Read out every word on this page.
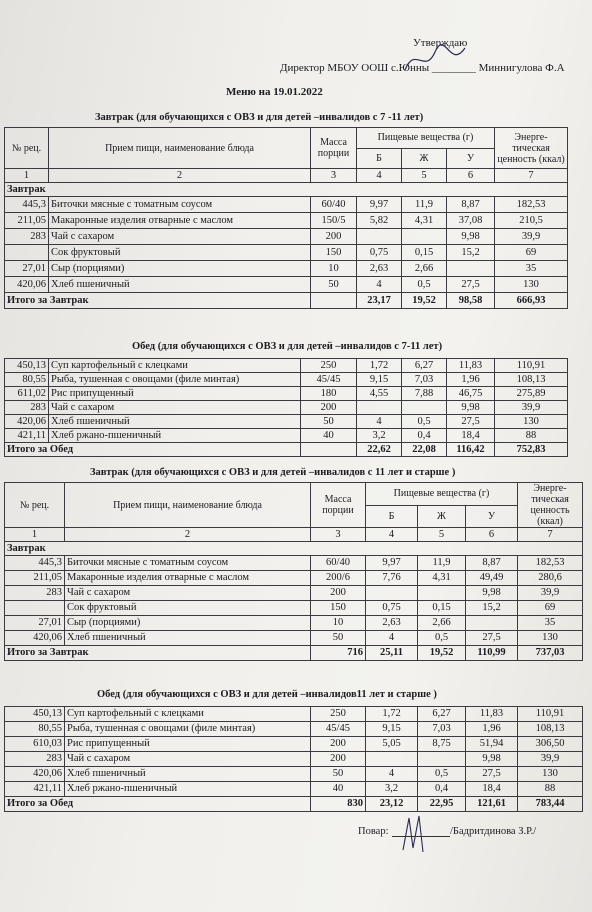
Утверждаю
Директор МБОУ ООШ с.Юнны ________ Миннигулова Ф.А
Меню на 19.01.2022
Завтрак (для обучающихся с ОВЗ и для детей –инвалидов с 7 -11 лет)
№ рец.	Прием пищи, наименование блюда	Масса порции	Пищевые вещества (г)			Энерге-тическая ценность (ккал)
			Б	Ж	У	
1	2	3	4	5	6	7
Завтрак						
445,3	Биточки мясные с томатным соусом	60/40	9,97	11,9	8,87	182,53
211,05	Макаронные изделия отварные с маслом	150/5	5,82	4,31	37,08	210,5
283	Чай с сахаром	200			9,98	39,9
	Сок фруктовый	150	0,75	0,15	15,2	69
27,01	Сыр (порциями)	10	2,63	2,66		35
420,06	Хлеб пшеничный	50	4	0,5	27,5	130
Итого за Завтрак			23,17	19,52	98,58	666,93
Обед (для обучающихся с ОВЗ и для детей –инвалидов с 7-11 лет)
450,13	Суп картофельный с клецками	250	1,72	6,27	11,83	110,91
80,55	Рыба, тушенная с овощами (филе минтая)	45/45	9,15	7,03	1,96	108,13
611,02	Рис припущенный	180	4,55	7,88	46,75	275,89
283	Чай с сахаром	200			9,98	39,9
420,06	Хлеб пшеничный	50	4	0,5	27,5	130
421,11	Хлеб ржано-пшеничный	40	3,2	0,4	18,4	88
Итого за Обед			22,62	22,08	116,42	752,83
Завтрак (для обучающихся с ОВЗ и для детей –инвалидов с 11 лет и старше )
№ рец.	Прием пищи, наименование блюда	Масса порции	Пищевые вещества (г)			Энерге-тическая ценность (ккал)
			Б	Ж	У	
1	2	3	4	5	6	7
Завтрак						
445,3	Биточки мясные с томатным соусом	60/40	9,97	11,9	8,87	182,53
211,05	Макаронные изделия отварные с маслом	200/6	7,76	4,31	49,49	280,6
283	Чай с сахаром	200			9,98	39,9
	Сок фруктовый	150	0,75	0,15	15,2	69
27,01	Сыр (порциями)	10	2,63	2,66		35
420,06	Хлеб пшеничный	50	4	0,5	27,5	130
Итого за Завтрак		716	25,11	19,52	110,99	737,03
Обед (для обучающихся с ОВЗ и для детей –инвалидов11 лет и старше )
450,13	Суп картофельный с клецками	250	1,72	6,27	11,83	110,91
80,55	Рыба, тушенная с овощами (филе минтая)	45/45	9,15	7,03	1,96	108,13
610,03	Рис припущенный	200	5,05	8,75	51,94	306,50
283	Чай с сахаром	200			9,98	39,9
420,06	Хлеб пшеничный	50	4	0,5	27,5	130
421,11	Хлеб ржано-пшеничный	40	3,2	0,4	18,4	88
Итого за Обед		830	23,12	22,95	121,61	783,44
Повар:	/Бадритдинова З.Р./
